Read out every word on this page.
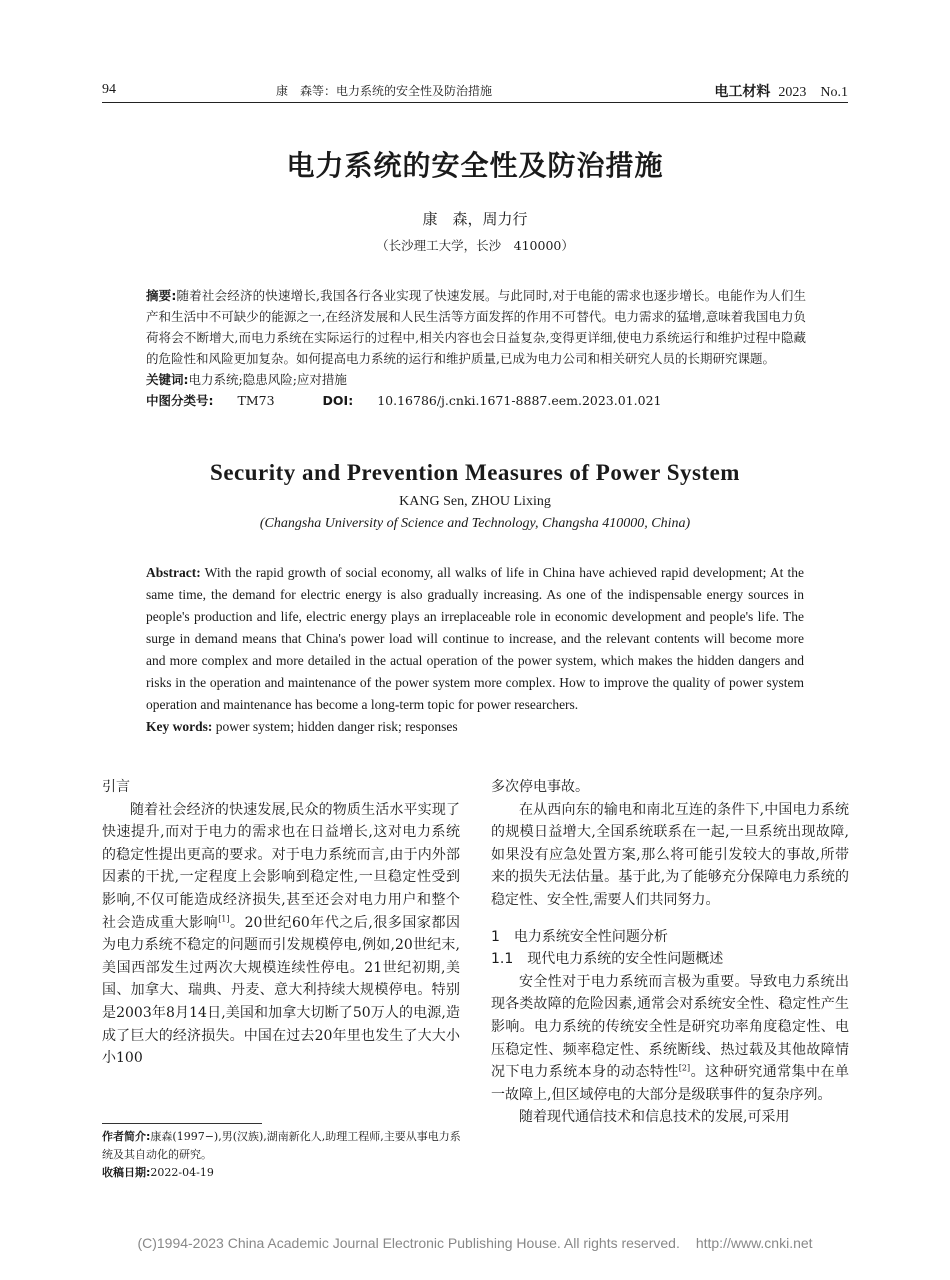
94	康　森等：电力系统的安全性及防治措施	电工材料 2023　No.1
电力系统的安全性及防治措施
康　森，周力行
（长沙理工大学，长沙　410000）

摘要:随着社会经济的快速增长,我国各行各业实现了快速发展。与此同时,对于电能的需求也逐步增长。电能作为人们生产和生活中不可缺少的能源之一,在经济发展和人民生活等方面发挥的作用不可替代。电力需求的猛增,意味着我国电力负荷将会不断增大,而电力系统在实际运行的过程中,相关内容也会日益复杂,变得更详细,使电力系统运行和维护过程中隐藏的危险性和风险更加复杂。如何提高电力系统的运行和维护质量,已成为电力公司和相关研究人员的长期研究课题。

关键词:电力系统;隐患风险;应对措施

中图分类号: TM73	DOI: 10.16786/j.cnki.1671-8887.eem.2023.01.021

Security and Prevention Measures of Power System
KANG Sen, ZHOU Lixing
(Changsha University of Science and Technology, Changsha 410000, China)

Abstract: With the rapid growth of social economy, all walks of life in China have achieved rapid development; At the same time, the demand for electric energy is also gradually increasing. As one of the indispensable energy sources in people's production and life, electric energy plays an irreplaceable role in economic development and people's life. The surge in demand means that China's power load will continue to increase, and the relevant contents will become more and more complex and more detailed in the actual operation of the power system, which makes the hidden dangers and risks in the operation and maintenance of the power system more complex. How to improve the quality of power system operation and maintenance has become a long-term topic for power researchers.

Key words: power system; hidden danger risk; responses

引言

随着社会经济的快速发展,民众的物质生活水平实现了快速提升,而对于电力的需求也在日益增长,这对电力系统的稳定性提出更高的要求。对于电力系统而言,由于内外部因素的干扰,一定程度上会影响到稳定性,一旦稳定性受到影响,不仅可能造成经济损失,甚至还会对电力用户和整个社会造成重大影响[1]。20世纪60年代之后,很多国家都因为电力系统不稳定的问题而引发规模停电,例如,20世纪末,美国西部发生过两次大规模连续性停电。21世纪初期,美国、加拿大、瑞典、丹麦、意大利持续大规模停电。特别是2003年8月14日,美国和加拿大切断了50万人的电源,造成了巨大的经济损失。中国在过去20年里也发生了大大小小100

作者简介:康森(1997−),男(汉族),湖南新化人,助理工程师,主要从事电力系统及其自动化的研究。

收稿日期:2022-04-19

多次停电事故。

在从西向东的输电和南北互连的条件下,中国电力系统的规模日益增大,全国系统联系在一起,一旦系统出现故障,如果没有应急处置方案,那么将可能引发较大的事故,所带来的损失无法估量。基于此,为了能够充分保障电力系统的稳定性、安全性,需要人们共同努力。

1　 电力系统安全性问题分析

1.1　 现代电力系统的安全性问题概述

安全性对于电力系统而言极为重要。导致电力系统出现各类故障的危险因素,通常会对系统安全性、稳定性产生影响。电力系统的传统安全性是研究功率角度稳定性、电压稳定性、频率稳定性、系统断线、热过载及其他故障情况下电力系统本身的动态特性[2]。这种研究通常集中在单一故障上,但区域停电的大部分是级联事件的复杂序列。

随着现代通信技术和信息技术的发展,可采用

(C)1994-2023 China Academic Journal Electronic Publishing House. All rights reserved. http://www.cnki.net
